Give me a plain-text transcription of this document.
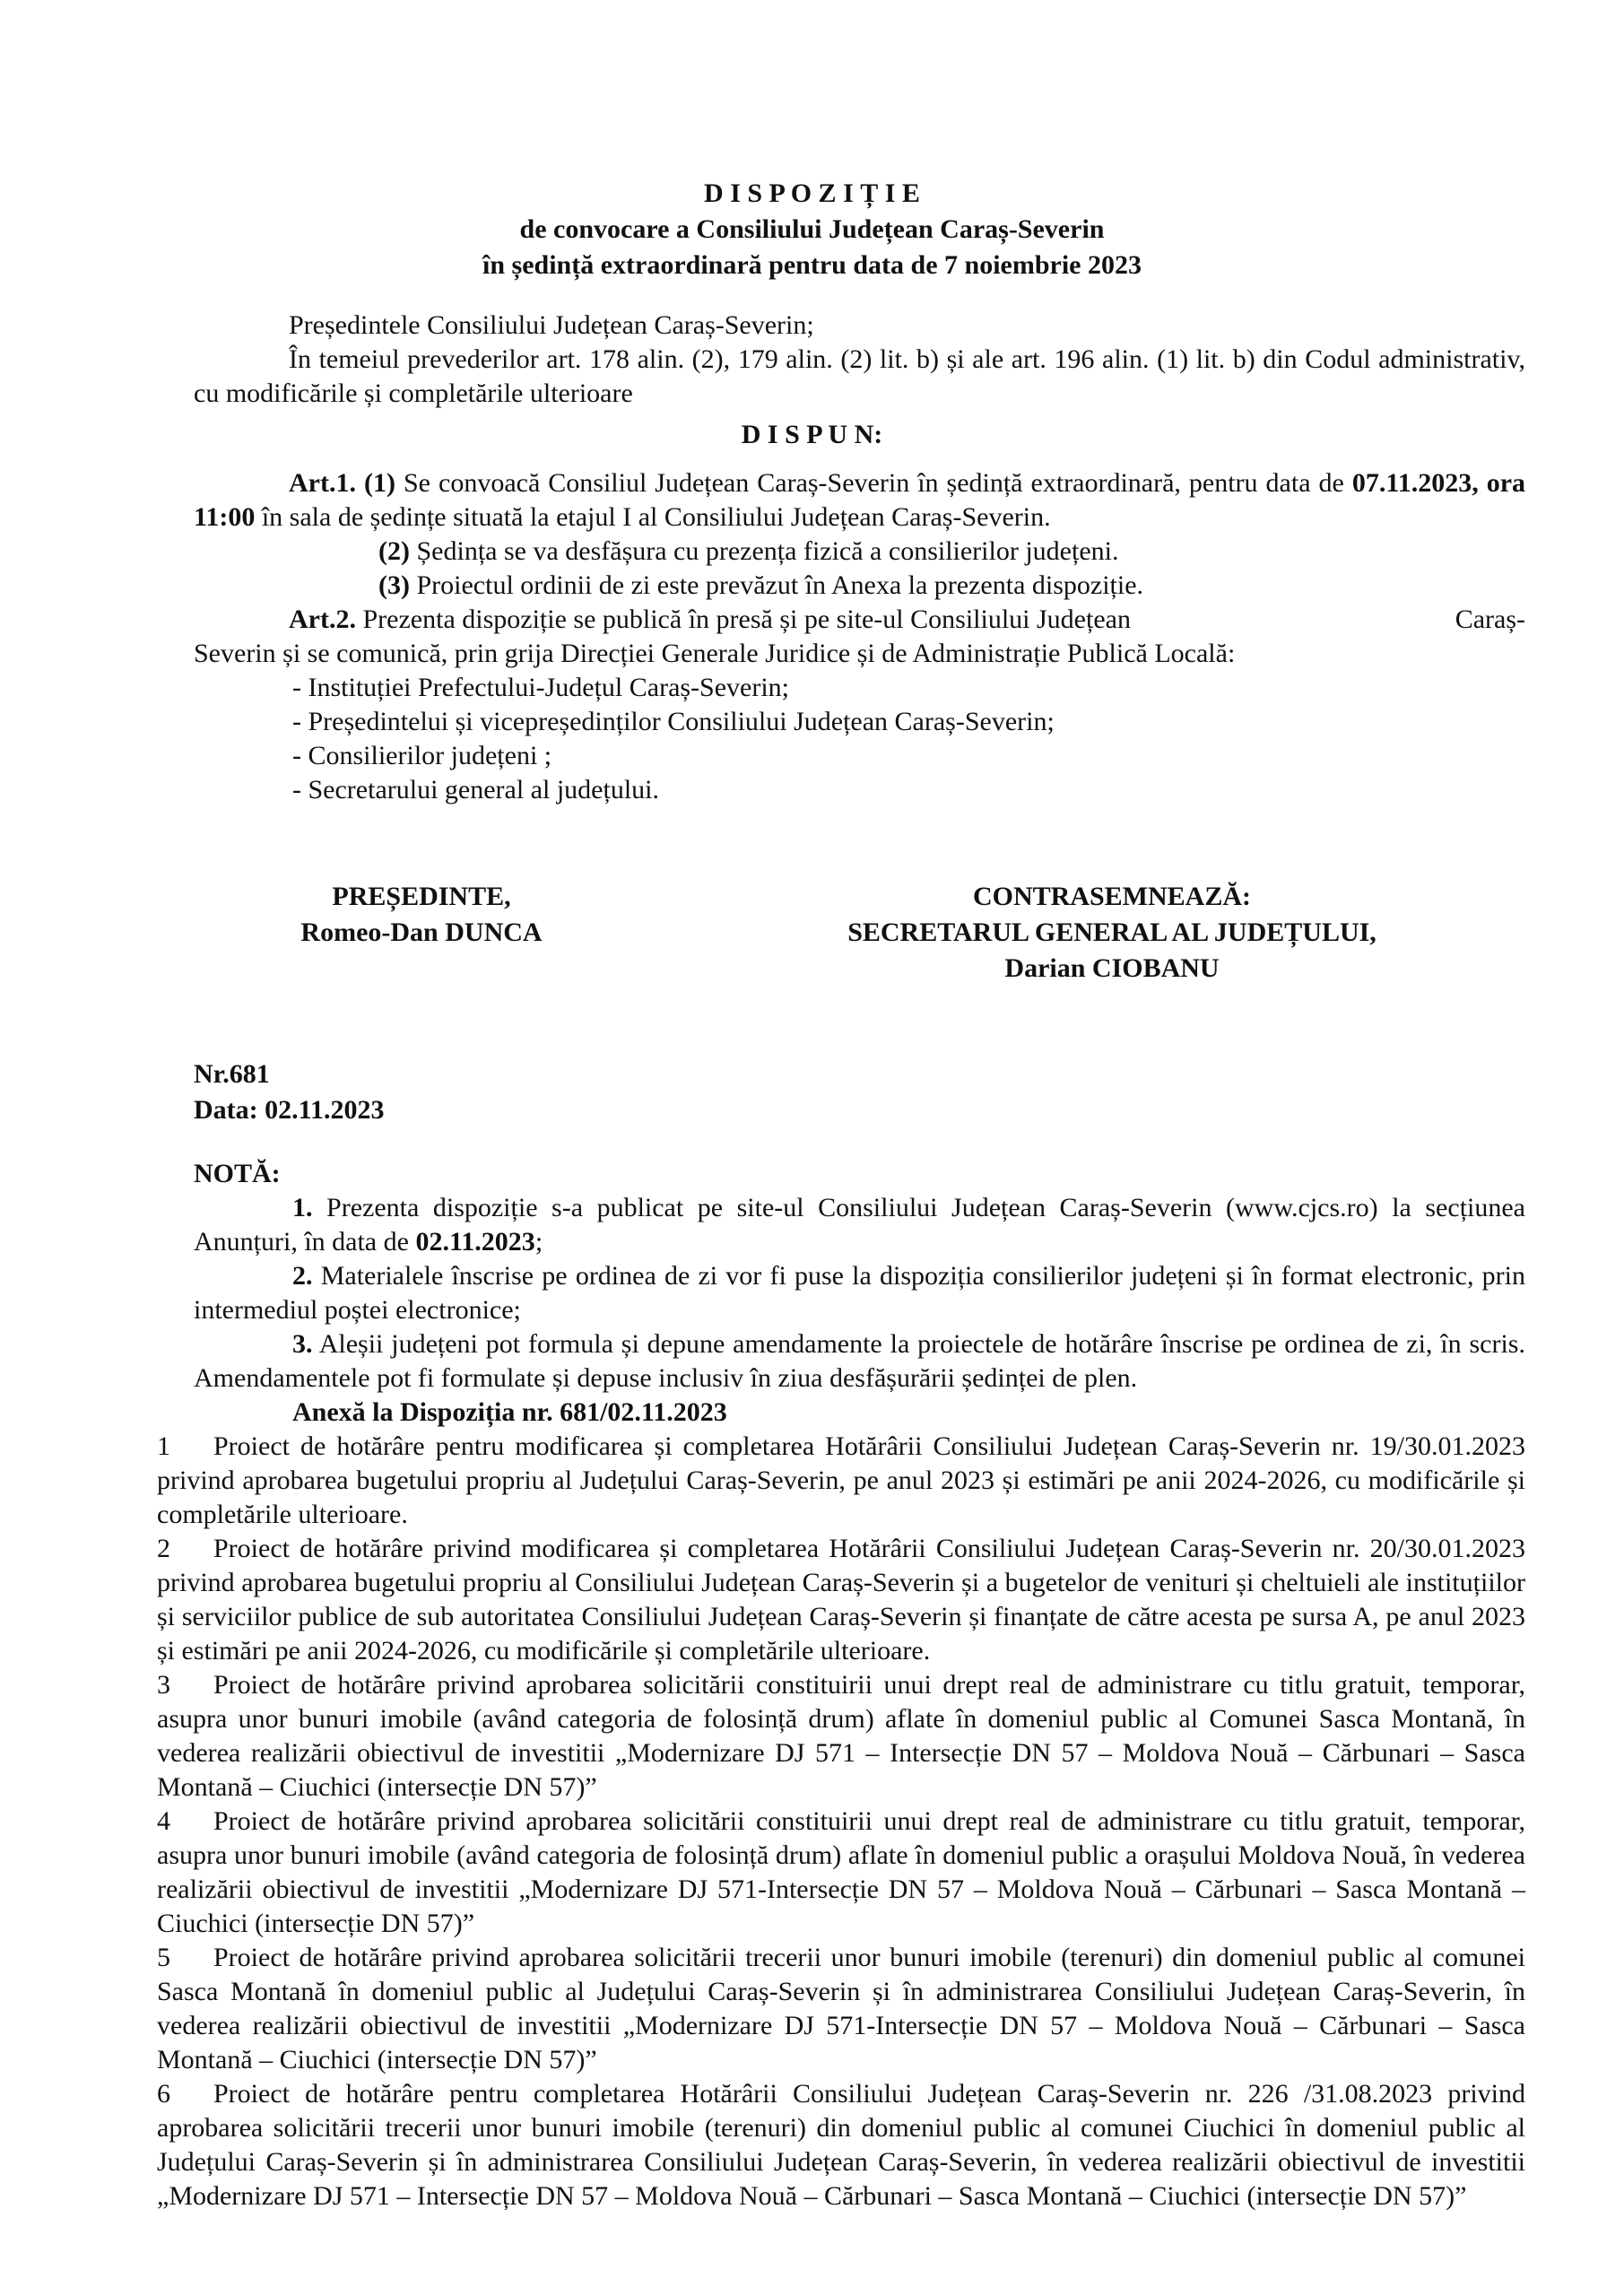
D I S P O Z I Ț I E

de convocare a Consiliului Județean Caraș-Severin

în ședință extraordinară pentru data de 7 noiembrie 2023

Președintele Consiliului Județean Caraș-Severin;

În temeiul prevederilor art. 178 alin. (2), 179 alin. (2) lit. b) și ale art. 196 alin. (1) lit. b) din Codul administrativ, cu modificările și completările ulterioare

D I S P U N:

Art.1. (1) Se convoacă Consiliul Județean Caraș-Severin în ședință extraordinară, pentru data de 07.11.2023, ora 11:00 în sala de ședințe situată la etajul I al Consiliului Județean Caraș-Severin.

(2) Ședința se va desfășura cu prezența fizică a consilierilor județeni.

(3) Proiectul ordinii de zi este prevăzut în Anexa la prezenta dispoziție.

Art.2. Prezenta dispoziție se publică în presă și pe site-ul Consiliului Județean	Caraș-

Severin și se comunică, prin grija Direcției Generale Juridice și de Administrație Publică Locală:

- Instituției Prefectului-Județul Caraș-Severin;

- Președintelui și vicepreședinților Consiliului Județean Caraș-Severin;

- Consilierilor județeni ;

- Secretarului general al județului.

PREȘEDINTE,

Romeo-Dan DUNCA

CONTRASEMNEAZĂ:

SECRETARUL GENERAL AL JUDEȚULUI,

Darian CIOBANU

Nr.681

Data: 02.11.2023

NOTĂ:

1. Prezenta dispoziție s-a publicat pe site-ul Consiliului Județean Caraș-Severin (www.cjcs.ro) la secțiunea Anunțuri, în data de 02.11.2023;

2. Materialele înscrise pe ordinea de zi vor fi puse la dispoziția consilierilor județeni și în format electronic, prin intermediul poștei electronice;

3. Aleșii județeni pot formula și depune amendamente la proiectele de hotărâre înscrise pe ordinea de zi, în scris. Amendamentele pot fi formulate și depuse inclusiv în ziua desfășurării ședinței de plen.

Anexă la Dispoziția nr. 681/02.11.2023

1 Proiect de hotărâre pentru modificarea și completarea Hotărârii Consiliului Județean Caraș-Severin nr. 19/30.01.2023 privind aprobarea bugetului propriu al Județului Caraș-Severin, pe anul 2023 și estimări pe anii 2024-2026, cu modificările și completările ulterioare.

2 Proiect de hotărâre privind modificarea și completarea Hotărârii Consiliului Județean Caraș-Severin nr. 20/30.01.2023 privind aprobarea bugetului propriu al Consiliului Județean Caraș-Severin și a bugetelor de venituri și cheltuieli ale instituțiilor și serviciilor publice de sub autoritatea Consiliului Județean Caraș-Severin și finanțate de către acesta pe sursa A, pe anul 2023 și estimări pe anii 2024-2026, cu modificările și completările ulterioare.

3 Proiect de hotărâre privind aprobarea solicitării constituirii unui drept real de administrare cu titlu gratuit, temporar, asupra unor bunuri imobile (având categoria de folosință drum) aflate în domeniul public al Comunei Sasca Montană, în vederea realizării obiectivul de investitii „Modernizare DJ 571 – Intersecție DN 57 – Moldova Nouă – Cărbunari – Sasca Montană – Ciuchici (intersecție DN 57)”

4 Proiect de hotărâre privind aprobarea solicitării constituirii unui drept real de administrare cu titlu gratuit, temporar, asupra unor bunuri imobile (având categoria de folosință drum) aflate în domeniul public a orașului Moldova Nouă, în vederea realizării obiectivul de investitii „Modernizare DJ 571-Intersecție DN 57 – Moldova Nouă – Cărbunari – Sasca Montană – Ciuchici (intersecție DN 57)”

5 Proiect de hotărâre privind aprobarea solicitării trecerii unor bunuri imobile (terenuri) din domeniul public al comunei Sasca Montană în domeniul public al Județului Caraș-Severin și în administrarea Consiliului Județean Caraș-Severin, în vederea realizării obiectivul de investitii „Modernizare DJ 571-Intersecție DN 57 – Moldova Nouă – Cărbunari – Sasca Montană – Ciuchici (intersecție DN 57)”

6 Proiect de hotărâre pentru completarea Hotărârii Consiliului Județean Caraș-Severin nr. 226 /31.08.2023 privind aprobarea solicitării trecerii unor bunuri imobile (terenuri) din domeniul public al comunei Ciuchici în domeniul public al Județului Caraș-Severin și în administrarea Consiliului Județean Caraș-Severin, în vederea realizării obiectivul de investitii „Modernizare DJ 571 – Intersecție DN 57 – Moldova Nouă – Cărbunari – Sasca Montană – Ciuchici (intersecție DN 57)”
